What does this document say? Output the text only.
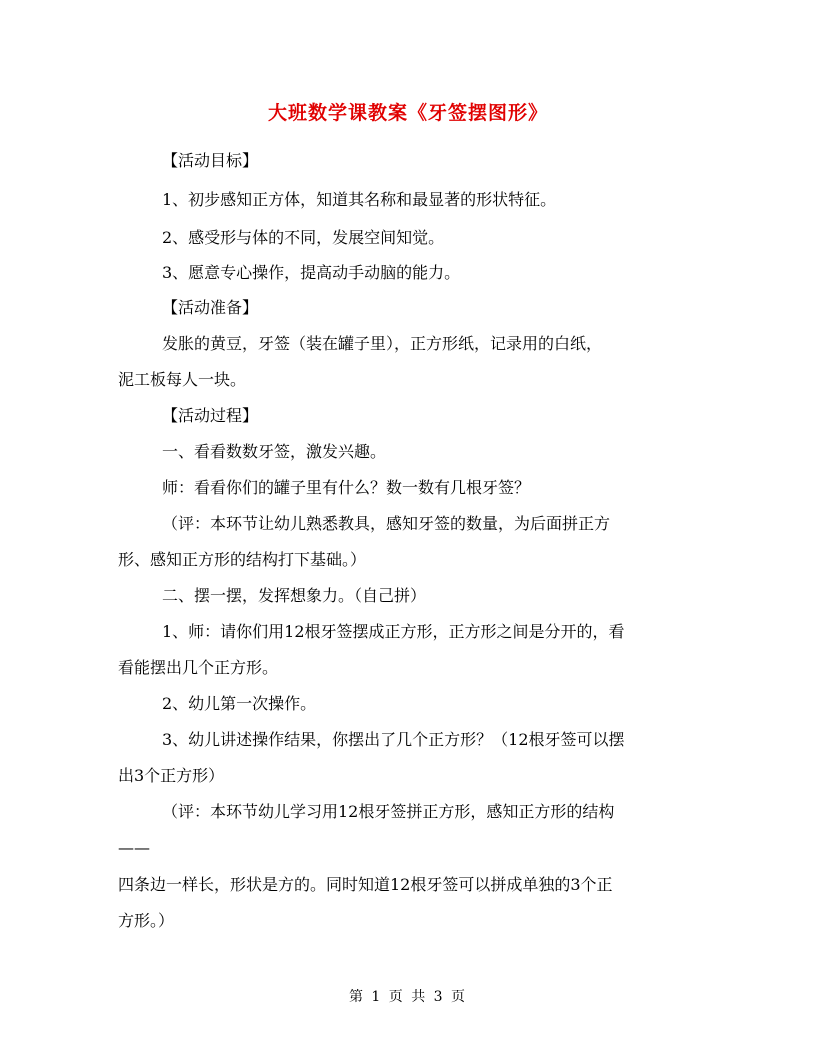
大班数学课教案《牙签摆图形》
【活动目标】
1、初步感知正方体，知道其名称和最显著的形状特征。
2、感受形与体的不同，发展空间知觉。
3、愿意专心操作，提高动手动脑的能力。
【活动准备】
发胀的黄豆，牙签（装在罐子里），正方形纸，记录用的白纸，
泥工板每人一块。
【活动过程】
一、看看数数牙签，激发兴趣。
师：看看你们的罐子里有什么？数一数有几根牙签？
（评：本环节让幼儿熟悉教具，感知牙签的数量，为后面拼正方
形、感知正方形的结构打下基础。）
二、摆一摆，发挥想象力。（自己拼）
1、师：请你们用12根牙签摆成正方形，正方形之间是分开的，看
看能摆出几个正方形。
2、幼儿第一次操作。
3、幼儿讲述操作结果，你摆出了几个正方形？（12根牙签可以摆
出3个正方形）
（评：本环节幼儿学习用12根牙签拼正方形，感知正方形的结构
——
四条边一样长，形状是方的。同时知道12根牙签可以拼成单独的3个正
方形。）
第 1 页 共 3 页
